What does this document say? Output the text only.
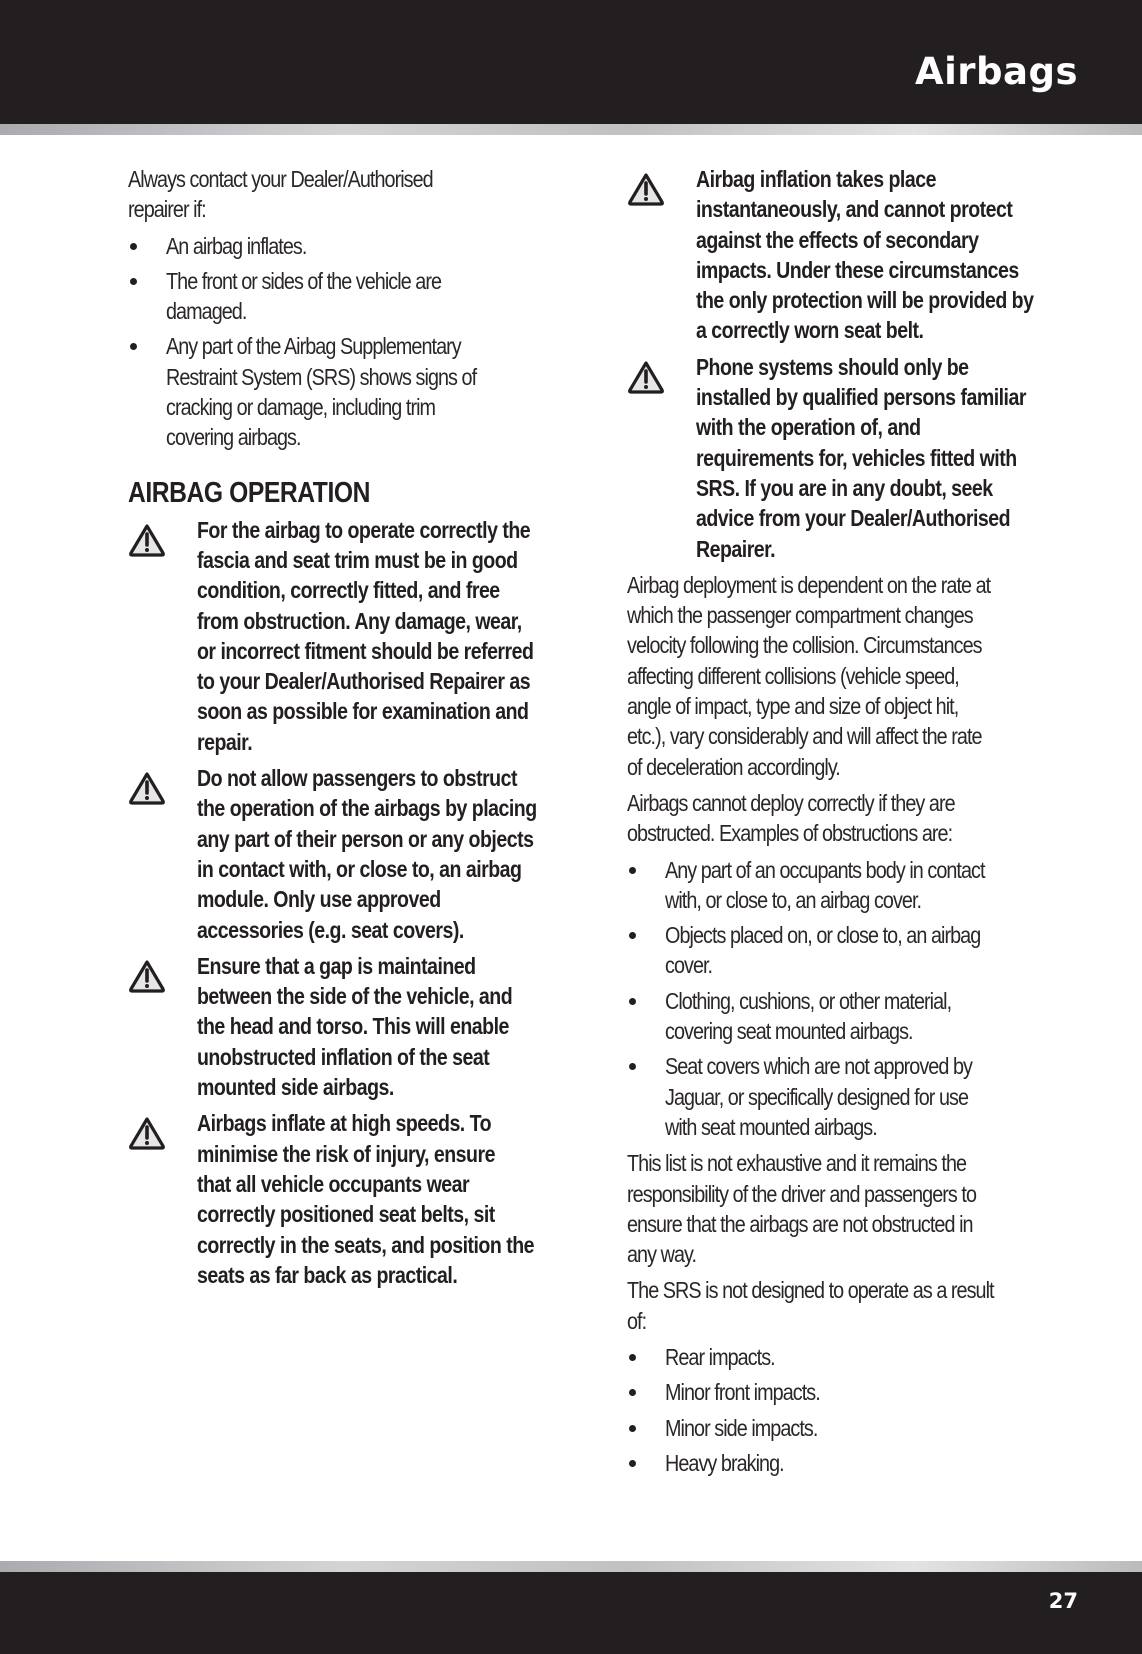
Airbags
Always contact your Dealer/Authorised
repairer if:
An airbag inflates.
The front or sides of the vehicle are
damaged.
Any part of the Airbag Supplementary
Restraint System (SRS) shows signs of
cracking or damage, including trim
covering airbags.
AIRBAG OPERATION
For the airbag to operate correctly the
fascia and seat trim must be in good
condition, correctly fitted, and free
from obstruction. Any damage, wear,
or incorrect fitment should be referred
to your Dealer/Authorised Repairer as
soon as possible for examination and
repair.
Do not allow passengers to obstruct
the operation of the airbags by placing
any part of their person or any objects
in contact with, or close to, an airbag
module. Only use approved
accessories (e.g. seat covers).
Ensure that a gap is maintained
between the side of the vehicle, and
the head and torso. This will enable
unobstructed inflation of the seat
mounted side airbags.
Airbags inflate at high speeds. To
minimise the risk of injury, ensure
that all vehicle occupants wear
correctly positioned seat belts, sit
correctly in the seats, and position the
seats as far back as practical.
Airbag inflation takes place
instantaneously, and cannot protect
against the effects of secondary
impacts. Under these circumstances
the only protection will be provided by
a correctly worn seat belt.
Phone systems should only be
installed by qualified persons familiar
with the operation of, and
requirements for, vehicles fitted with
SRS. If you are in any doubt, seek
advice from your Dealer/Authorised
Repairer.
Airbag deployment is dependent on the rate at
which the passenger compartment changes
velocity following the collision. Circumstances
affecting different collisions (vehicle speed,
angle of impact, type and size of object hit,
etc.), vary considerably and will affect the rate
of deceleration accordingly.
Airbags cannot deploy correctly if they are
obstructed. Examples of obstructions are:
Any part of an occupants body in contact
with, or close to, an airbag cover.
Objects placed on, or close to, an airbag
cover.
Clothing, cushions, or other material,
covering seat mounted airbags.
Seat covers which are not approved by
Jaguar, or specifically designed for use
with seat mounted airbags.
This list is not exhaustive and it remains the
responsibility of the driver and passengers to
ensure that the airbags are not obstructed in
any way.
The SRS is not designed to operate as a result
of:
Rear impacts.
Minor front impacts.
Minor side impacts.
Heavy braking.
27
